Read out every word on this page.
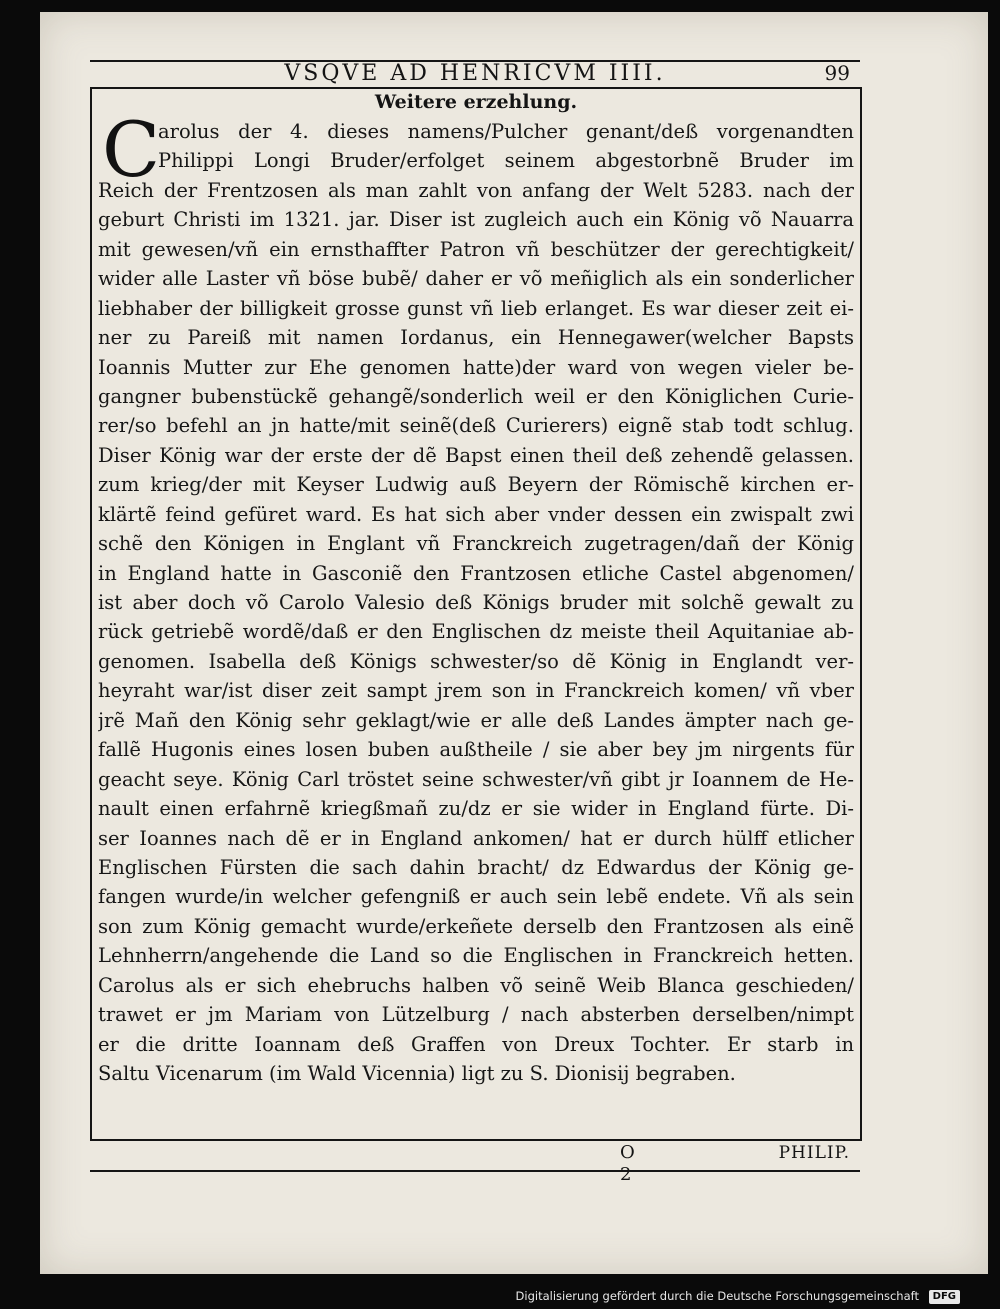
VSQVE AD HENRICVM IIII.	99
Weitere erzehlung.
C
arolus der 4. dieses namens/Pulcher genant/deß vorgenandten
Philippi Longi Bruder/erfolget seinem abgestorbnẽ Bruder im
Reich der Frentzosen als man zahlt von anfang der Welt 5283. nach der
geburt Christi im 1321. jar. Diser ist zugleich auch ein König võ Nauarra
mit gewesen/vñ ein ernsthaffter Patron vñ beschützer der gerechtigkeit/
wider alle Laster vñ böse bubẽ/ daher er võ meñiglich als ein sonderlicher
liebhaber der billigkeit grosse gunst vñ lieb erlanget. Es war dieser zeit ei-
ner zu Pareiß mit namen Iordanus, ein Hennegawer(welcher Bapsts
Ioannis Mutter zur Ehe genomen hatte)der ward von wegen vieler be-
gangner bubenstückẽ gehangẽ/sonderlich weil er den Königlichen Curie-
rer/so befehl an jn hatte/mit seinẽ(deß Curierers) eignẽ stab todt schlug.
Diser König war der erste der dẽ Bapst einen theil deß zehendẽ gelassen.
zum krieg/der mit Keyser Ludwig auß Beyern der Römischẽ kirchen er-
klärtẽ feind gefüret ward. Es hat sich aber vnder dessen ein zwispalt zwi
schẽ den Königen in Englant vñ Franckreich zugetragen/dañ der König
in England hatte in Gasconiẽ den Frantzosen etliche Castel abgenomen/
ist aber doch võ Carolo Valesio deß Königs bruder mit solchẽ gewalt zu
rück getriebẽ wordẽ/daß er den Englischen dz meiste theil Aquitaniae ab-
genomen. Isabella deß Königs schwester/so dẽ König in Englandt ver-
heyraht war/ist diser zeit sampt jrem son in Franckreich komen/ vñ vber
jrẽ Mañ den König sehr geklagt/wie er alle deß Landes ämpter nach ge-
fallẽ Hugonis eines losen buben außtheile / sie aber bey jm nirgents für
geacht seye. König Carl tröstet seine schwester/vñ gibt jr Ioannem de He-
nault einen erfahrnẽ kriegßmañ zu/dz er sie wider in England fürte. Di-
ser Ioannes nach dẽ er in England ankomen/ hat er durch hülff etlicher
Englischen Fürsten die sach dahin bracht/ dz Edwardus der König ge-
fangen wurde/in welcher gefengniß er auch sein lebẽ endete. Vñ als sein
son zum König gemacht wurde/erkeñete derselb den Frantzosen als einẽ
Lehnherrn/angehende die Land so die Englischen in Franckreich hetten.
Carolus als er sich ehebruchs halben võ seinẽ Weib Blanca geschieden/
trawet er jm Mariam von Lützelburg / nach absterben derselben/nimpt
er die dritte Ioannam deß Graffen von Dreux Tochter. Er starb in
Saltu Vicenarum (im Wald Vicennia) ligt zu S. Dionisij begraben.
O 2
PHILIP.
Digitalisierung gefördert durch die Deutsche Forschungsgemeinschaft DFG
